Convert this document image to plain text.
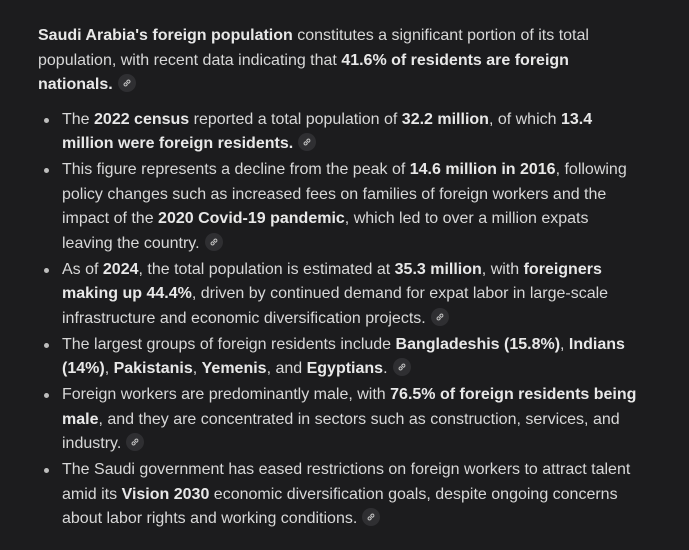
Saudi Arabia's foreign population constitutes a significant portion of its total population, with recent data indicating that 41.6% of residents are foreign nationals.

The 2022 census reported a total population of 32.2 million, of which 13.4 million were foreign residents.
This figure represents a decline from the peak of 14.6 million in 2016, following policy changes such as increased fees on families of foreign workers and the impact of the 2020 Covid-19 pandemic, which led to over a million expats leaving the country.
As of 2024, the total population is estimated at 35.3 million, with foreigners making up 44.4%, driven by continued demand for expat labor in large-scale infrastructure and economic diversification projects.
The largest groups of foreign residents include Bangladeshis (15.8%), Indians (14%), Pakistanis, Yemenis, and Egyptians.
Foreign workers are predominantly male, with 76.5% of foreign residents being male, and they are concentrated in sectors such as construction, services, and industry.
The Saudi government has eased restrictions on foreign workers to attract talent amid its Vision 2030 economic diversification goals, despite ongoing concerns about labor rights and working conditions.
